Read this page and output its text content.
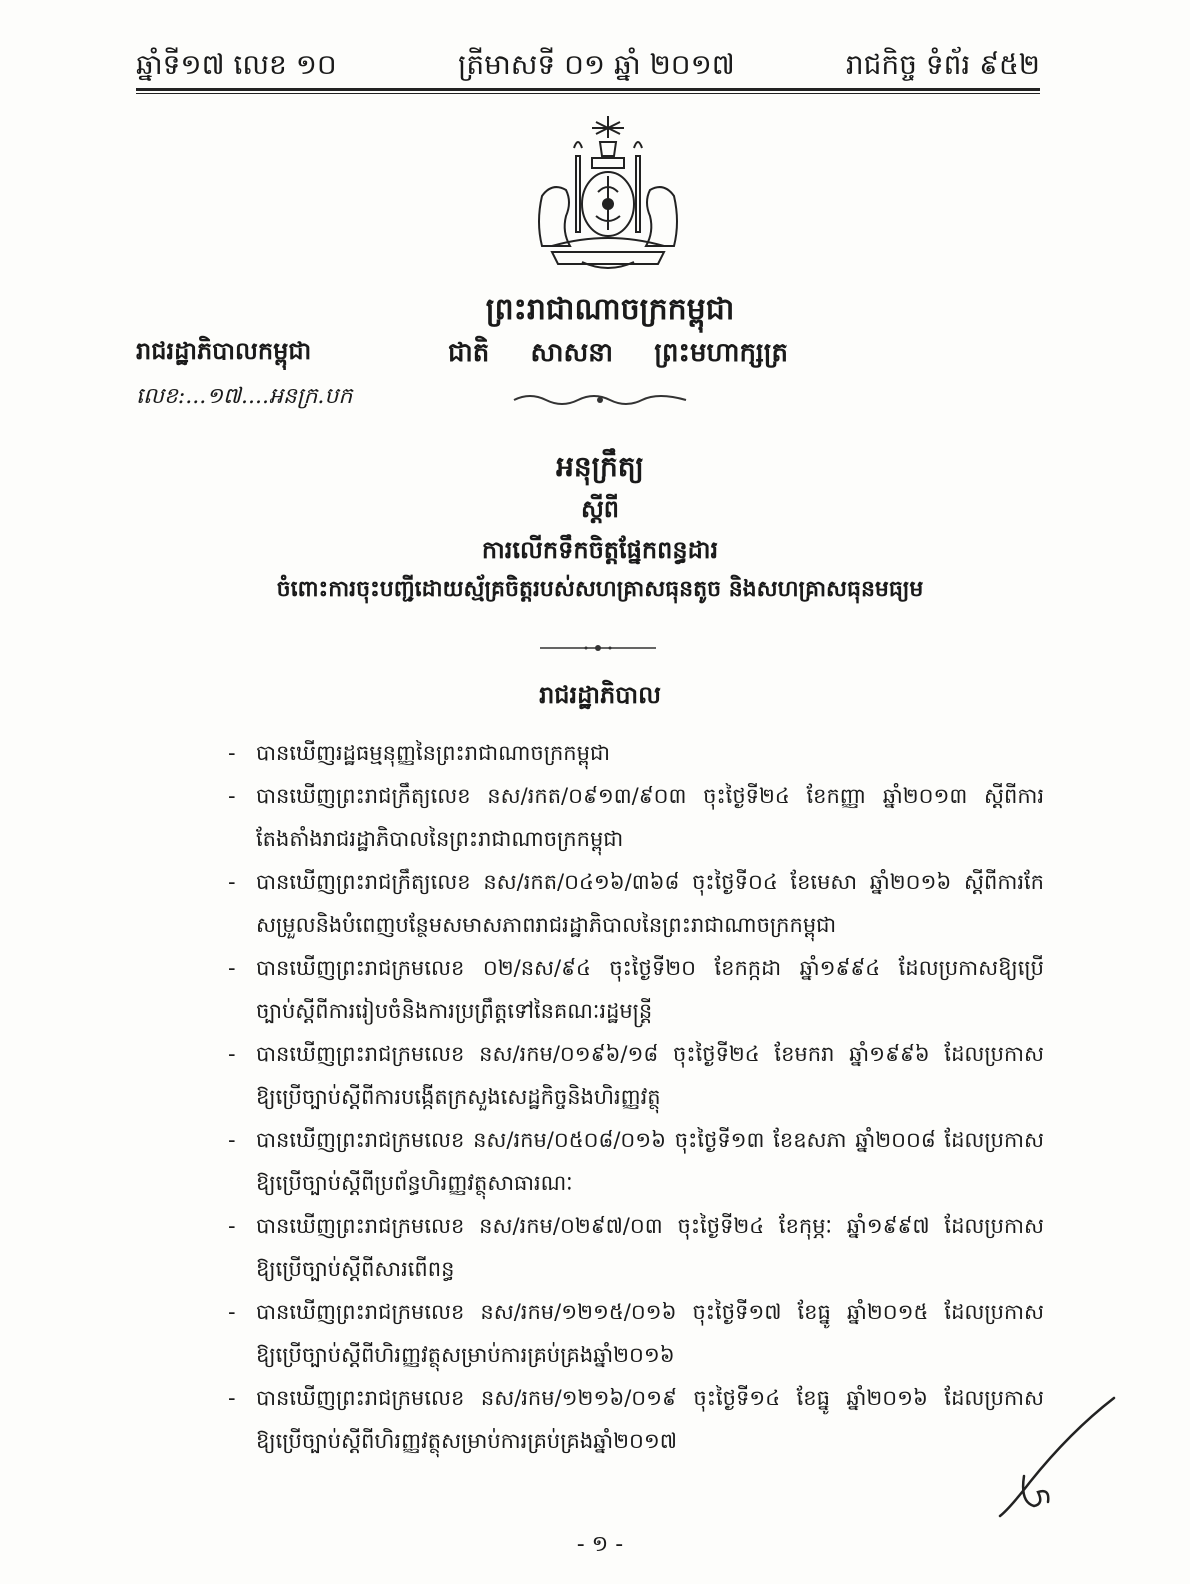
ឆ្នាំទី១៧ លេខ ១០	ត្រីមាសទី ០១ ឆ្នាំ ២០១៧	រាជកិច្ច ទំព័រ ៩៥២
ព្រះរាជាណាចក្រកម្ពុជា
រាជរដ្ឋាភិបាលកម្ពុជា	ជាតិ សាសនា ព្រះមហាក្សត្រ
លេខ:...១៧....អនក្រ.បក
អនុក្រឹត្យ
ស្តីពី
ការលើកទឹកចិត្តផ្នែកពន្ធដារ
ចំពោះការចុះបញ្ជីដោយស្ម័គ្រចិត្តរបស់សហគ្រាសធុនតូច និងសហគ្រាសធុនមធ្យម
រាជរដ្ឋាភិបាល
- បានឃើញរដ្ឋធម្មនុញ្ញនៃព្រះរាជាណាចក្រកម្ពុជា
- បានឃើញព្រះរាជក្រឹត្យលេខ នស/រកត/០៩១៣/៩០៣ ចុះថ្ងៃទី២៤ ខែកញ្ញា ឆ្នាំ២០១៣ ស្តីពីការ
តែងតាំងរាជរដ្ឋាភិបាលនៃព្រះរាជាណាចក្រកម្ពុជា
- បានឃើញព្រះរាជក្រឹត្យលេខ នស/រកត/០៤១៦/៣៦៨ ចុះថ្ងៃទី០៤ ខែមេសា ឆ្នាំ២០១៦ ស្តីពីការកែ
សម្រួលនិងបំពេញបន្ថែមសមាសភាពរាជរដ្ឋាភិបាលនៃព្រះរាជាណាចក្រកម្ពុជា
- បានឃើញព្រះរាជក្រមលេខ ០២/នស/៩៤ ចុះថ្ងៃទី២០ ខែកក្កដា ឆ្នាំ១៩៩៤ ដែលប្រកាសឱ្យប្រើ
ច្បាប់ស្តីពីការរៀបចំនិងការប្រព្រឹត្តទៅនៃគណៈរដ្ឋមន្ត្រី
- បានឃើញព្រះរាជក្រមលេខ នស/រកម/០១៩៦/១៨ ចុះថ្ងៃទី២៤ ខែមករា ឆ្នាំ១៩៩៦ ដែលប្រកាស
ឱ្យប្រើច្បាប់ស្តីពីការបង្កើតក្រសួងសេដ្ឋកិច្ចនិងហិរញ្ញវត្ថុ
- បានឃើញព្រះរាជក្រមលេខ នស/រកម/០៥០៨/០១៦ ចុះថ្ងៃទី១៣ ខែឧសភា ឆ្នាំ២០០៨ ដែលប្រកាស
ឱ្យប្រើច្បាប់ស្តីពីប្រព័ន្ធហិរញ្ញវត្ថុសាធារណៈ
- បានឃើញព្រះរាជក្រមលេខ នស/រកម/០២៩៧/០៣ ចុះថ្ងៃទី២៤ ខែកុម្ភៈ ឆ្នាំ១៩៩៧ ដែលប្រកាស
ឱ្យប្រើច្បាប់ស្តីពីសារពើពន្ធ
- បានឃើញព្រះរាជក្រមលេខ នស/រកម/១២១៥/០១៦ ចុះថ្ងៃទី១៧ ខែធ្នូ ឆ្នាំ២០១៥ ដែលប្រកាស
ឱ្យប្រើច្បាប់ស្តីពីហិរញ្ញវត្ថុសម្រាប់ការគ្រប់គ្រងឆ្នាំ២០១៦
- បានឃើញព្រះរាជក្រមលេខ នស/រកម/១២១៦/០១៩ ចុះថ្ងៃទី១៤ ខែធ្នូ ឆ្នាំ២០១៦ ដែលប្រកាស
ឱ្យប្រើច្បាប់ស្តីពីហិរញ្ញវត្ថុសម្រាប់ការគ្រប់គ្រងឆ្នាំ២០១៧
- ១ -
